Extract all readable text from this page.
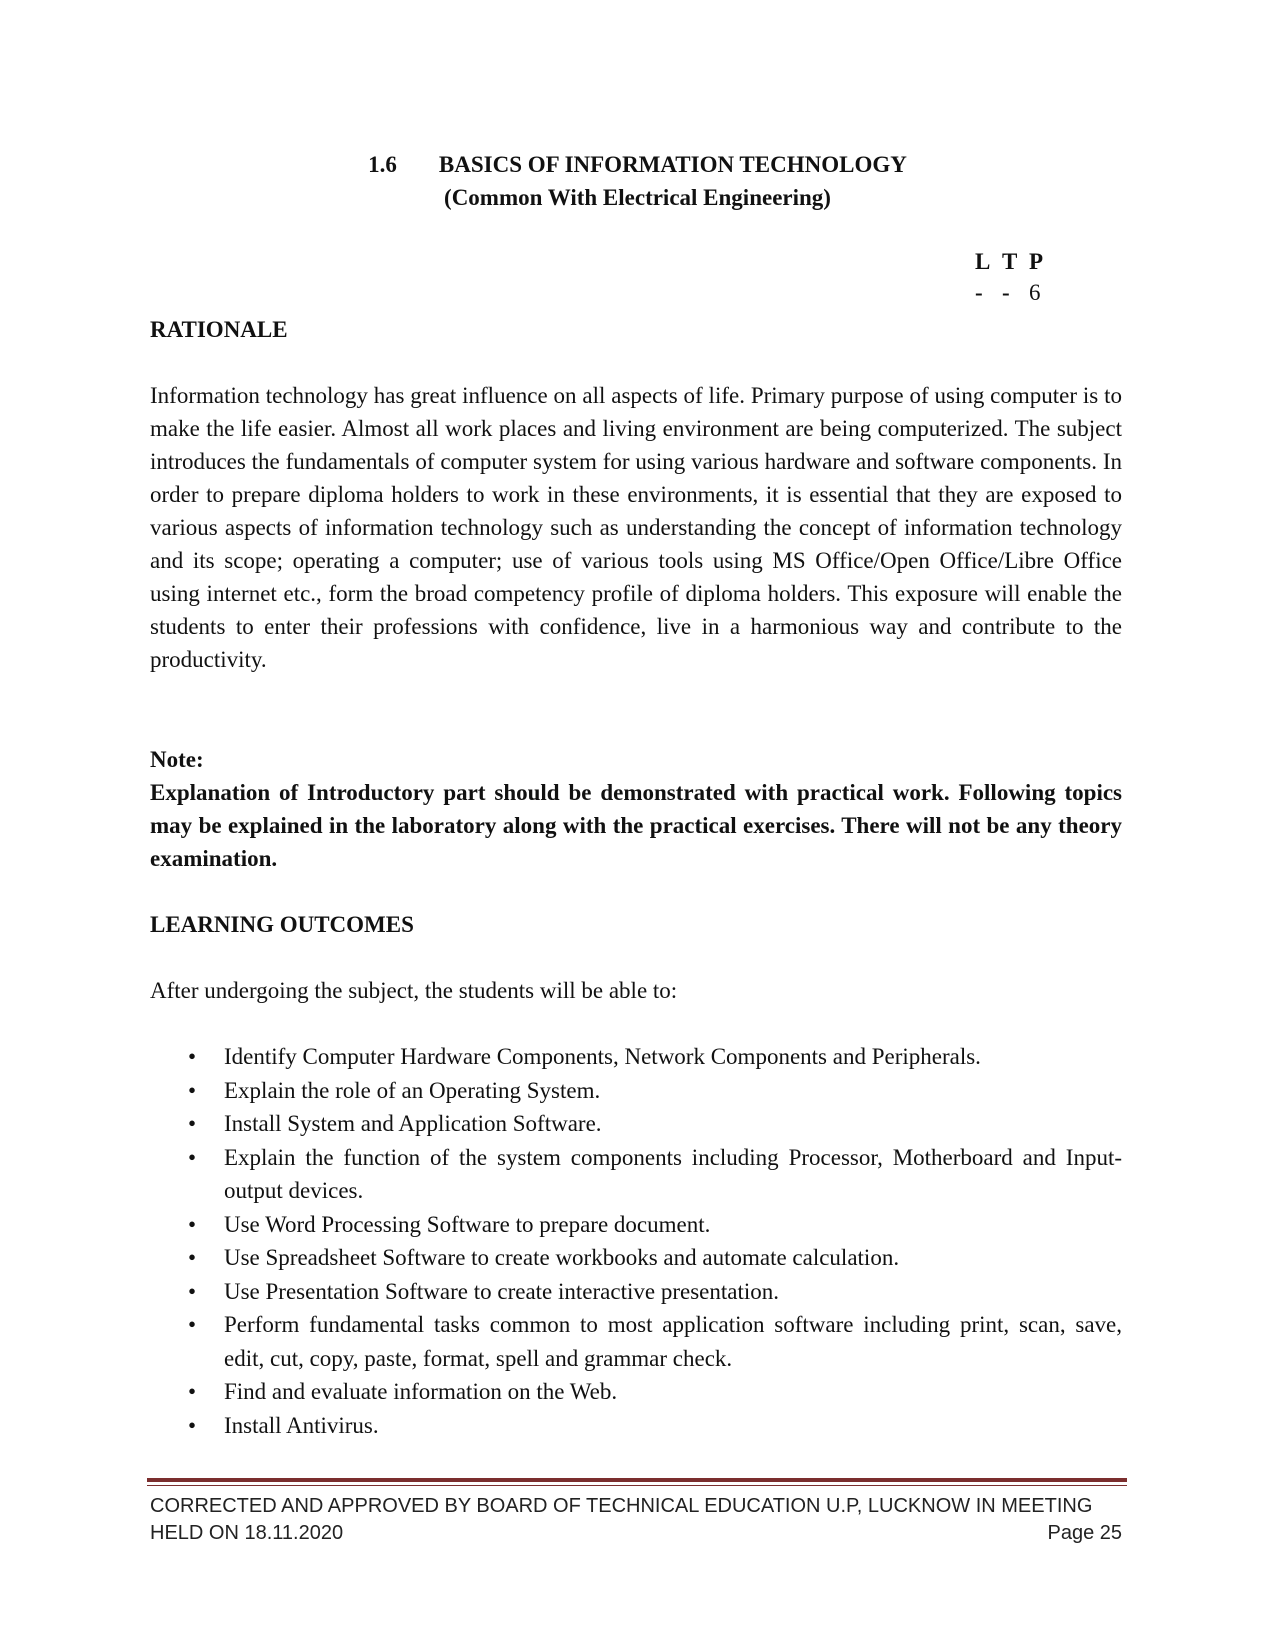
1.6 BASICS OF INFORMATION TECHNOLOGY
(Common With Electrical Engineering)
L T P
- - 6
RATIONALE
Information technology has great influence on all aspects of life. Primary purpose of using computer is to make the life easier. Almost all work places and living environment are being computerized. The subject introduces the fundamentals of computer system for using various hardware and software components. In order to prepare diploma holders to work in these environments, it is essential that they are exposed to various aspects of information technology such as understanding the concept of information technology and its scope; operating a computer; use of various tools using MS Office/Open Office/Libre Office using internet etc., form the broad competency profile of diploma holders. This exposure will enable the students to enter their professions with confidence, live in a harmonious way and contribute to the productivity.
Note:
Explanation of Introductory part should be demonstrated with practical work. Following topics may be explained in the laboratory along with the practical exercises. There will not be any theory examination.
LEARNING OUTCOMES
After undergoing the subject, the students will be able to:
• Identify Computer Hardware Components, Network Components and Peripherals.
• Explain the role of an Operating System.
• Install System and Application Software.
• Explain the function of the system components including Processor, Motherboard and Input-output devices.
• Use Word Processing Software to prepare document.
• Use Spreadsheet Software to create workbooks and automate calculation.
• Use Presentation Software to create interactive presentation.
• Perform fundamental tasks common to most application software including print, scan, save, edit, cut, copy, paste, format, spell and grammar check.
• Find and evaluate information on the Web.
• Install Antivirus.
CORRECTED AND APPROVED BY BOARD OF TECHNICAL EDUCATION U.P, LUCKNOW IN MEETING
HELD ON 18.11.2020	Page 25
